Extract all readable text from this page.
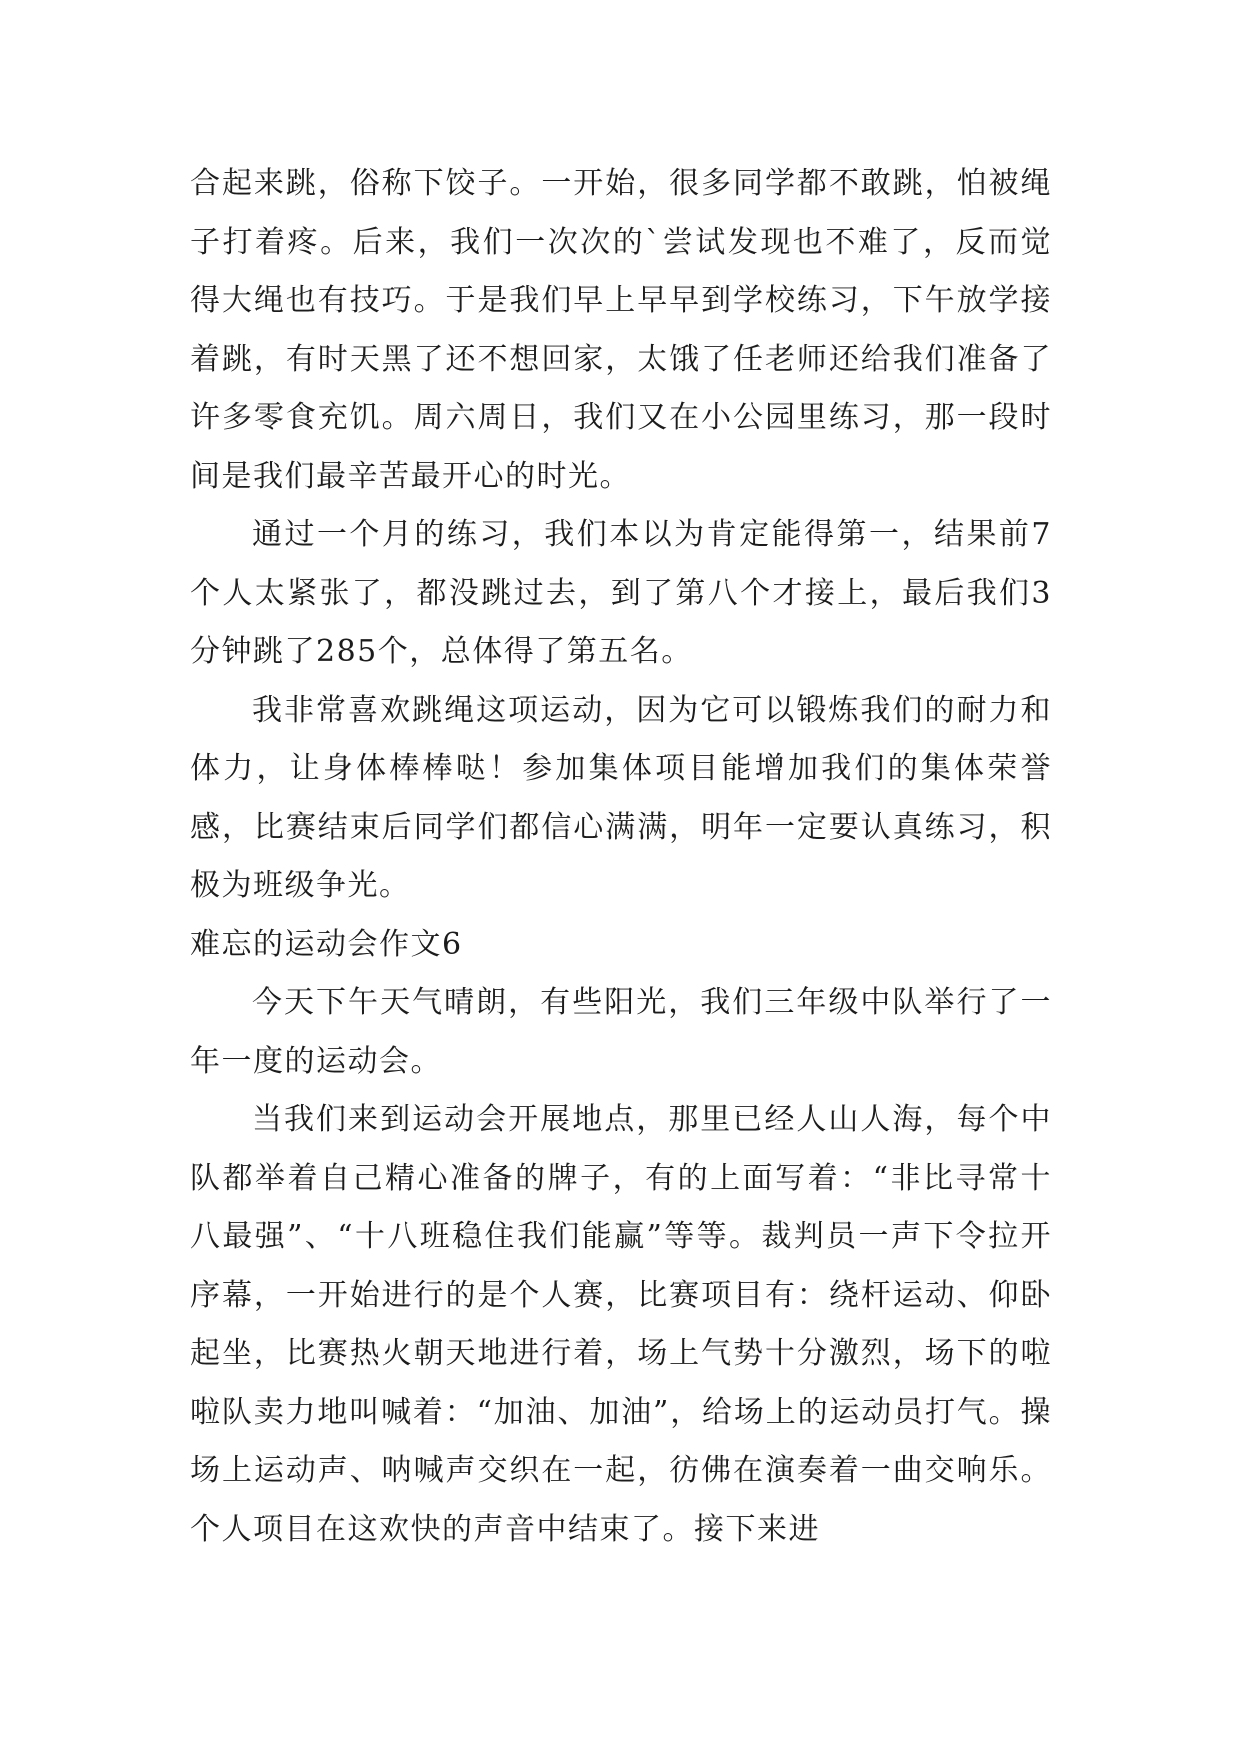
合起来跳，俗称下饺子。一开始，很多同学都不敢跳，怕被绳子打着疼。后来，我们一次次的`尝试发现也不难了，反而觉得大绳也有技巧。于是我们早上早早到学校练习，下午放学接着跳，有时天黑了还不想回家，太饿了任老师还给我们准备了许多零食充饥。周六周日，我们又在小公园里练习，那一段时间是我们最辛苦最开心的时光。

通过一个月的练习，我们本以为肯定能得第一，结果前7个人太紧张了，都没跳过去，到了第八个才接上，最后我们3分钟跳了285个，总体得了第五名。

我非常喜欢跳绳这项运动，因为它可以锻炼我们的耐力和体力，让身体棒棒哒！参加集体项目能增加我们的集体荣誉感，比赛结束后同学们都信心满满，明年一定要认真练习，积极为班级争光。

难忘的运动会作文6

今天下午天气晴朗，有些阳光，我们三年级中队举行了一年一度的运动会。

当我们来到运动会开展地点，那里已经人山人海，每个中队都举着自己精心准备的牌子，有的上面写着：“非比寻常十八最强”、“十八班稳住我们能赢”等等。裁判员一声下令拉开序幕，一开始进行的是个人赛，比赛项目有：绕杆运动、仰卧起坐，比赛热火朝天地进行着，场上气势十分激烈，场下的啦啦队卖力地叫喊着：“加油、加油”，给场上的运动员打气。操场上运动声、呐喊声交织在一起，彷佛在演奏着一曲交响乐。个人项目在这欢快的声音中结束了。接下来进
